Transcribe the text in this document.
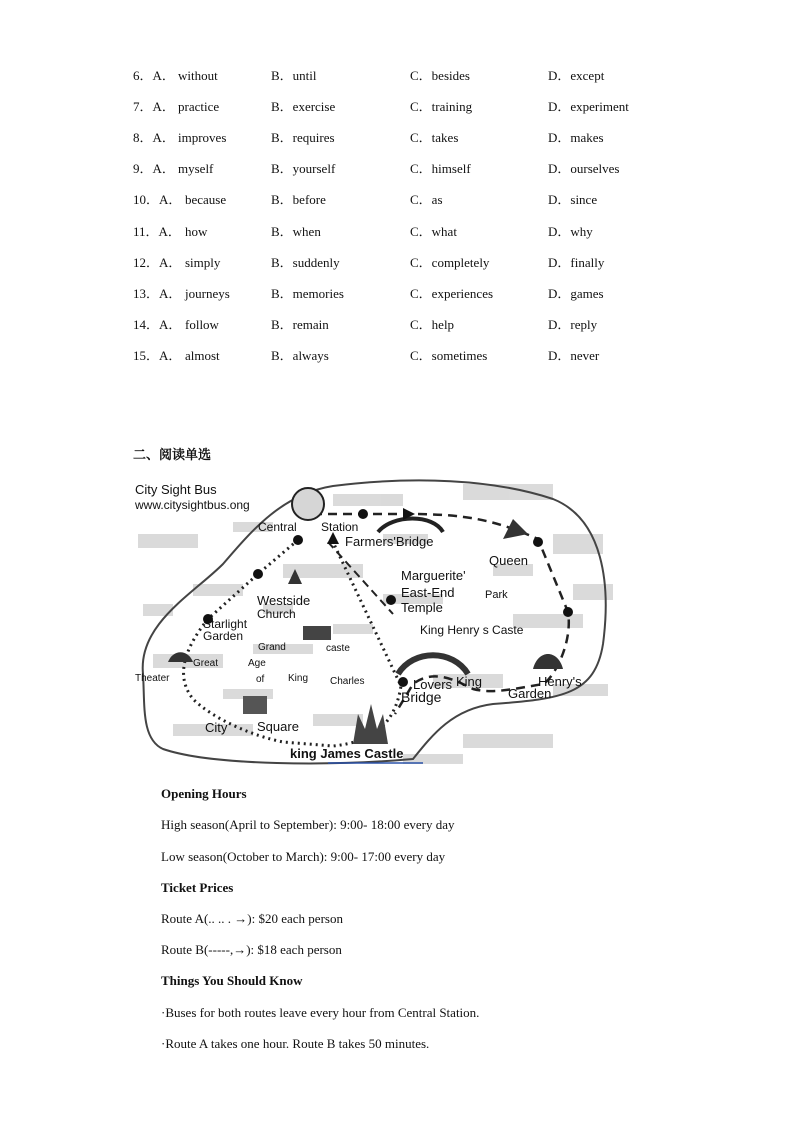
6．A． without	B．until	C．besides	D．except
7．A． practice	B．exercise	C．training	D．experiment
8．A． improves	B．requires	C．takes	D．makes
9．A． myself	B．yourself	C．himself	D．ourselves
10．A． because	B．before	C．as	D．since
11．A． how	B．when	C．what	D．why
12．A． simply	B．suddenly	C．completely	D．finally
13．A． journeys	B．memories	C．experiences	D．games
14．A． follow	B．remain	C．help	D．reply
15．A． almost	B．always	C．sometimes	D．never
二、阅读单选
City Sight Bus
www.citysightbus.ong
Central Station
Farmers'Bridge
Queen
Marguerite'
East-End
Temple
Park
Westside
Church
Starlight
Garden	King Henry s Caste
Grand	caste
Great	Age
of King Charles
Theater	Lovers
Bridge
King	Henry's
Garden
City Square
king James Castle
Opening Hours
High season(April to September): 9:00- 18:00 every day
Low season(October to March): 9:00- 17:00 every day
Ticket Prices
Route A(.. .. . →): $20 each person
Route B(-----,→): $18 each person
Things You Should Know
·Buses for both routes leave every hour from Central Station.
·Route A takes one hour. Route B takes 50 minutes.
